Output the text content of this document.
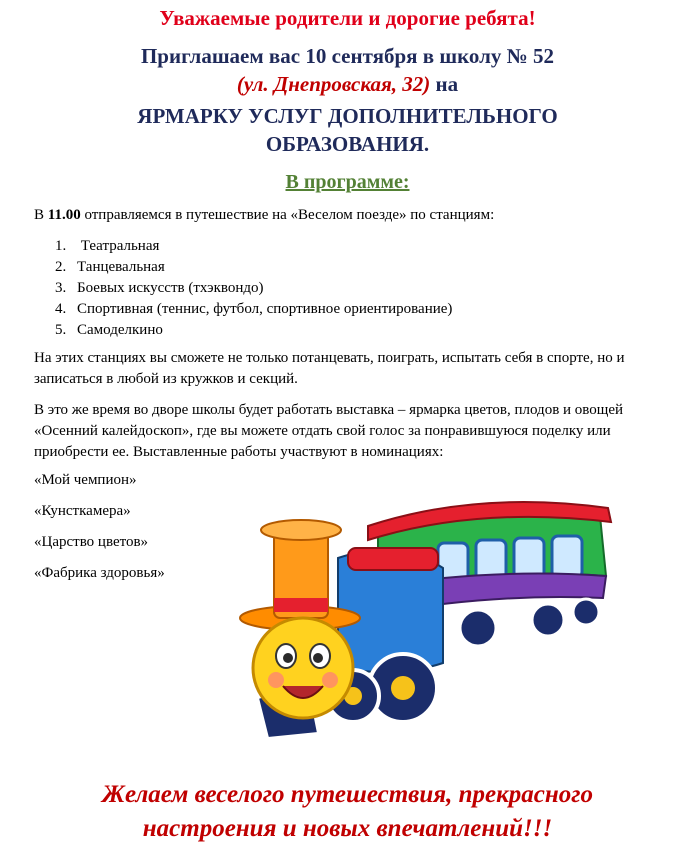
Уважаемые родители и дорогие ребята!
Приглашаем вас 10 сентября в школу № 52
(ул. Днепровская, 32) на
ЯРМАРКУ УСЛУГ ДОПОЛНИТЕЛЬНОГО
ОБРАЗОВАНИЯ.
В программе:
В 11.00 отправляемся в путешествие на «Веселом поезде» по станциям:
1. Театральная
2. Танцевальная
3. Боевых искусств (тхэквондо)
4. Спортивная (теннис, футбол, спортивное ориентирование)
5. Самоделкино
На этих станциях вы сможете не только потанцевать, поиграть, испытать себя в спорте, но и записаться в любой из кружков и секций.
В это же время во дворе школы будет работать выставка – ярмарка цветов, плодов и овощей «Осенний калейдоскоп», где вы можете отдать свой голос за понравившуюся поделку или приобрести ее. Выставленные работы участвуют в номинациях:
«Мой чемпион»
«Кунсткамера»
«Царство цветов»
«Фабрика здоровья»
Желаем веселого путешествия, прекрасного
настроения и новых впечатлений!!!
